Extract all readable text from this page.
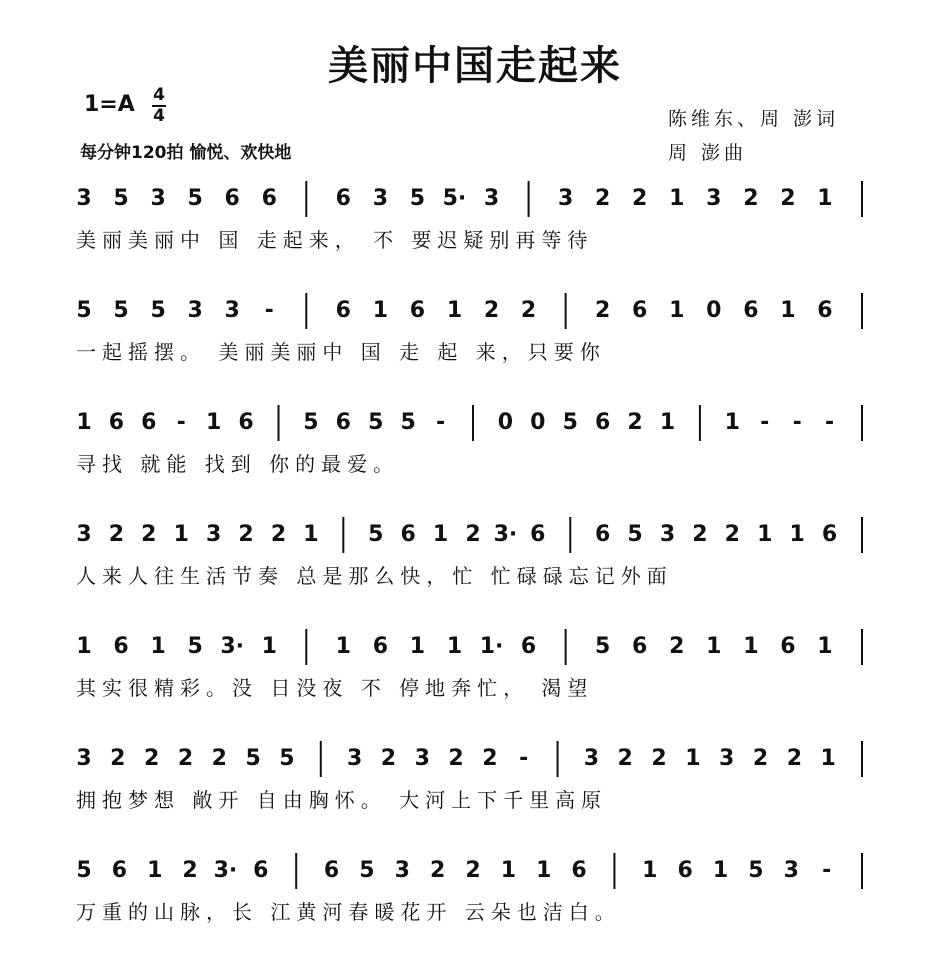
美丽中国走起来
1=A 4
4
每分钟120拍 愉悦、欢快地
陈维东、周 澎词
周 澎曲
3 5 3 5 6 6	6 3 5 5· 3	3 2 2 1 3 2 2 1
美丽美丽中 国 走起来， 不 要迟疑别再等待
5 5 5 3 3 -	6 1 6 1 2 2	2 6 1 0 6 1 6
一起摇摆。 美丽美丽中 国 走 起 来，只要你
1 6 6 - 1 6 5 6 5 5 - 0 0 5 6 2 1 1 - - -
寻找 就能 找到 你的最爱。
3 2 2 1 3 2 2 1 5 6 1 2 3· 6 6 5 3 2 2 1 1 6
人来人往生活节奏 总是那么快，忙 忙碌碌忘记外面
1 6 1 5 3· 1	1 6 1 1 1· 6	5 6 2 1 1 6 1
其实很精彩。没 日没夜 不 停地奔忙， 渴望
3 2 2 2 2 5 5 3 2 3 2 2 -	3 2 2 1 3 2 2 1
拥抱梦想 敞开 自由胸怀。 大河上下千里高原
5 6 1 2 3· 6	6 5 3 2 2 1 1 6	1 6 1 5 3 -
万重的山脉，长 江黄河春暖花开 云朵也洁白。
